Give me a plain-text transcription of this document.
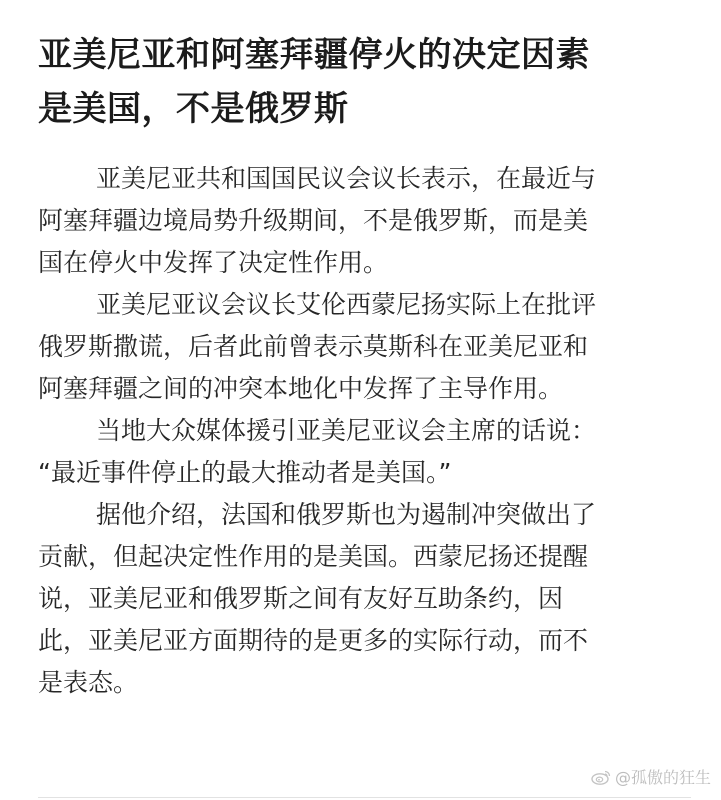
亚美尼亚和阿塞拜疆停火的决定因素
是美国，不是俄罗斯

亚美尼亚共和国国民议会议长表示，在最近与
阿塞拜疆边境局势升级期间，不是俄罗斯，而是美
国在停火中发挥了决定性作用。

亚美尼亚议会议长艾伦西蒙尼扬实际上在批评
俄罗斯撒谎，后者此前曾表示莫斯科在亚美尼亚和
阿塞拜疆之间的冲突本地化中发挥了主导作用。

当地大众媒体援引亚美尼亚议会主席的话说：
“最近事件停止的最大推动者是美国。”

据他介绍，法国和俄罗斯也为遏制冲突做出了
贡献，但起决定性作用的是美国。西蒙尼扬还提醒
说，亚美尼亚和俄罗斯之间有友好互助条约，因
此，亚美尼亚方面期待的是更多的实际行动，而不
是表态。

@孤傲的狂生
